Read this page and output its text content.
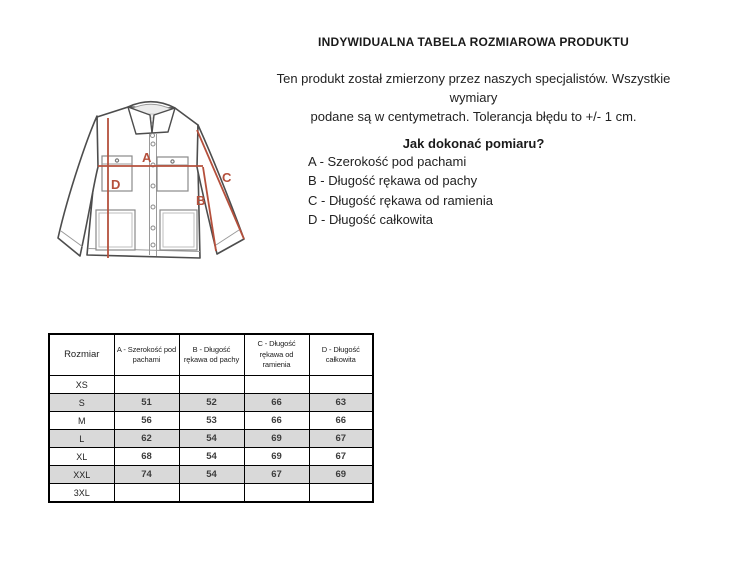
A
D	C
B
INDYWIDUALNA TABELA ROZMIAROWA PRODUKTU
Ten produkt został zmierzony przez naszych specjalistów. Wszystkie wymiary
podane są w centymetrach. Tolerancja błędu to +/- 1 cm.
Jak dokonać pomiaru?
A - Szerokość pod pachami
B - Długość rękawa od pachy
C - Długość rękawa od ramienia
D - Długość całkowita
Rozmiar	A - Szerokość pod pachami	B - Długość rękawa od pachy	C - Długość rękawa od ramienia	D - Długość całkowita
XS				
S	51	52	66	63
M	56	53	66	66
L	62	54	69	67
XL	68	54	69	67
XXL	74	54	67	69
3XL				
